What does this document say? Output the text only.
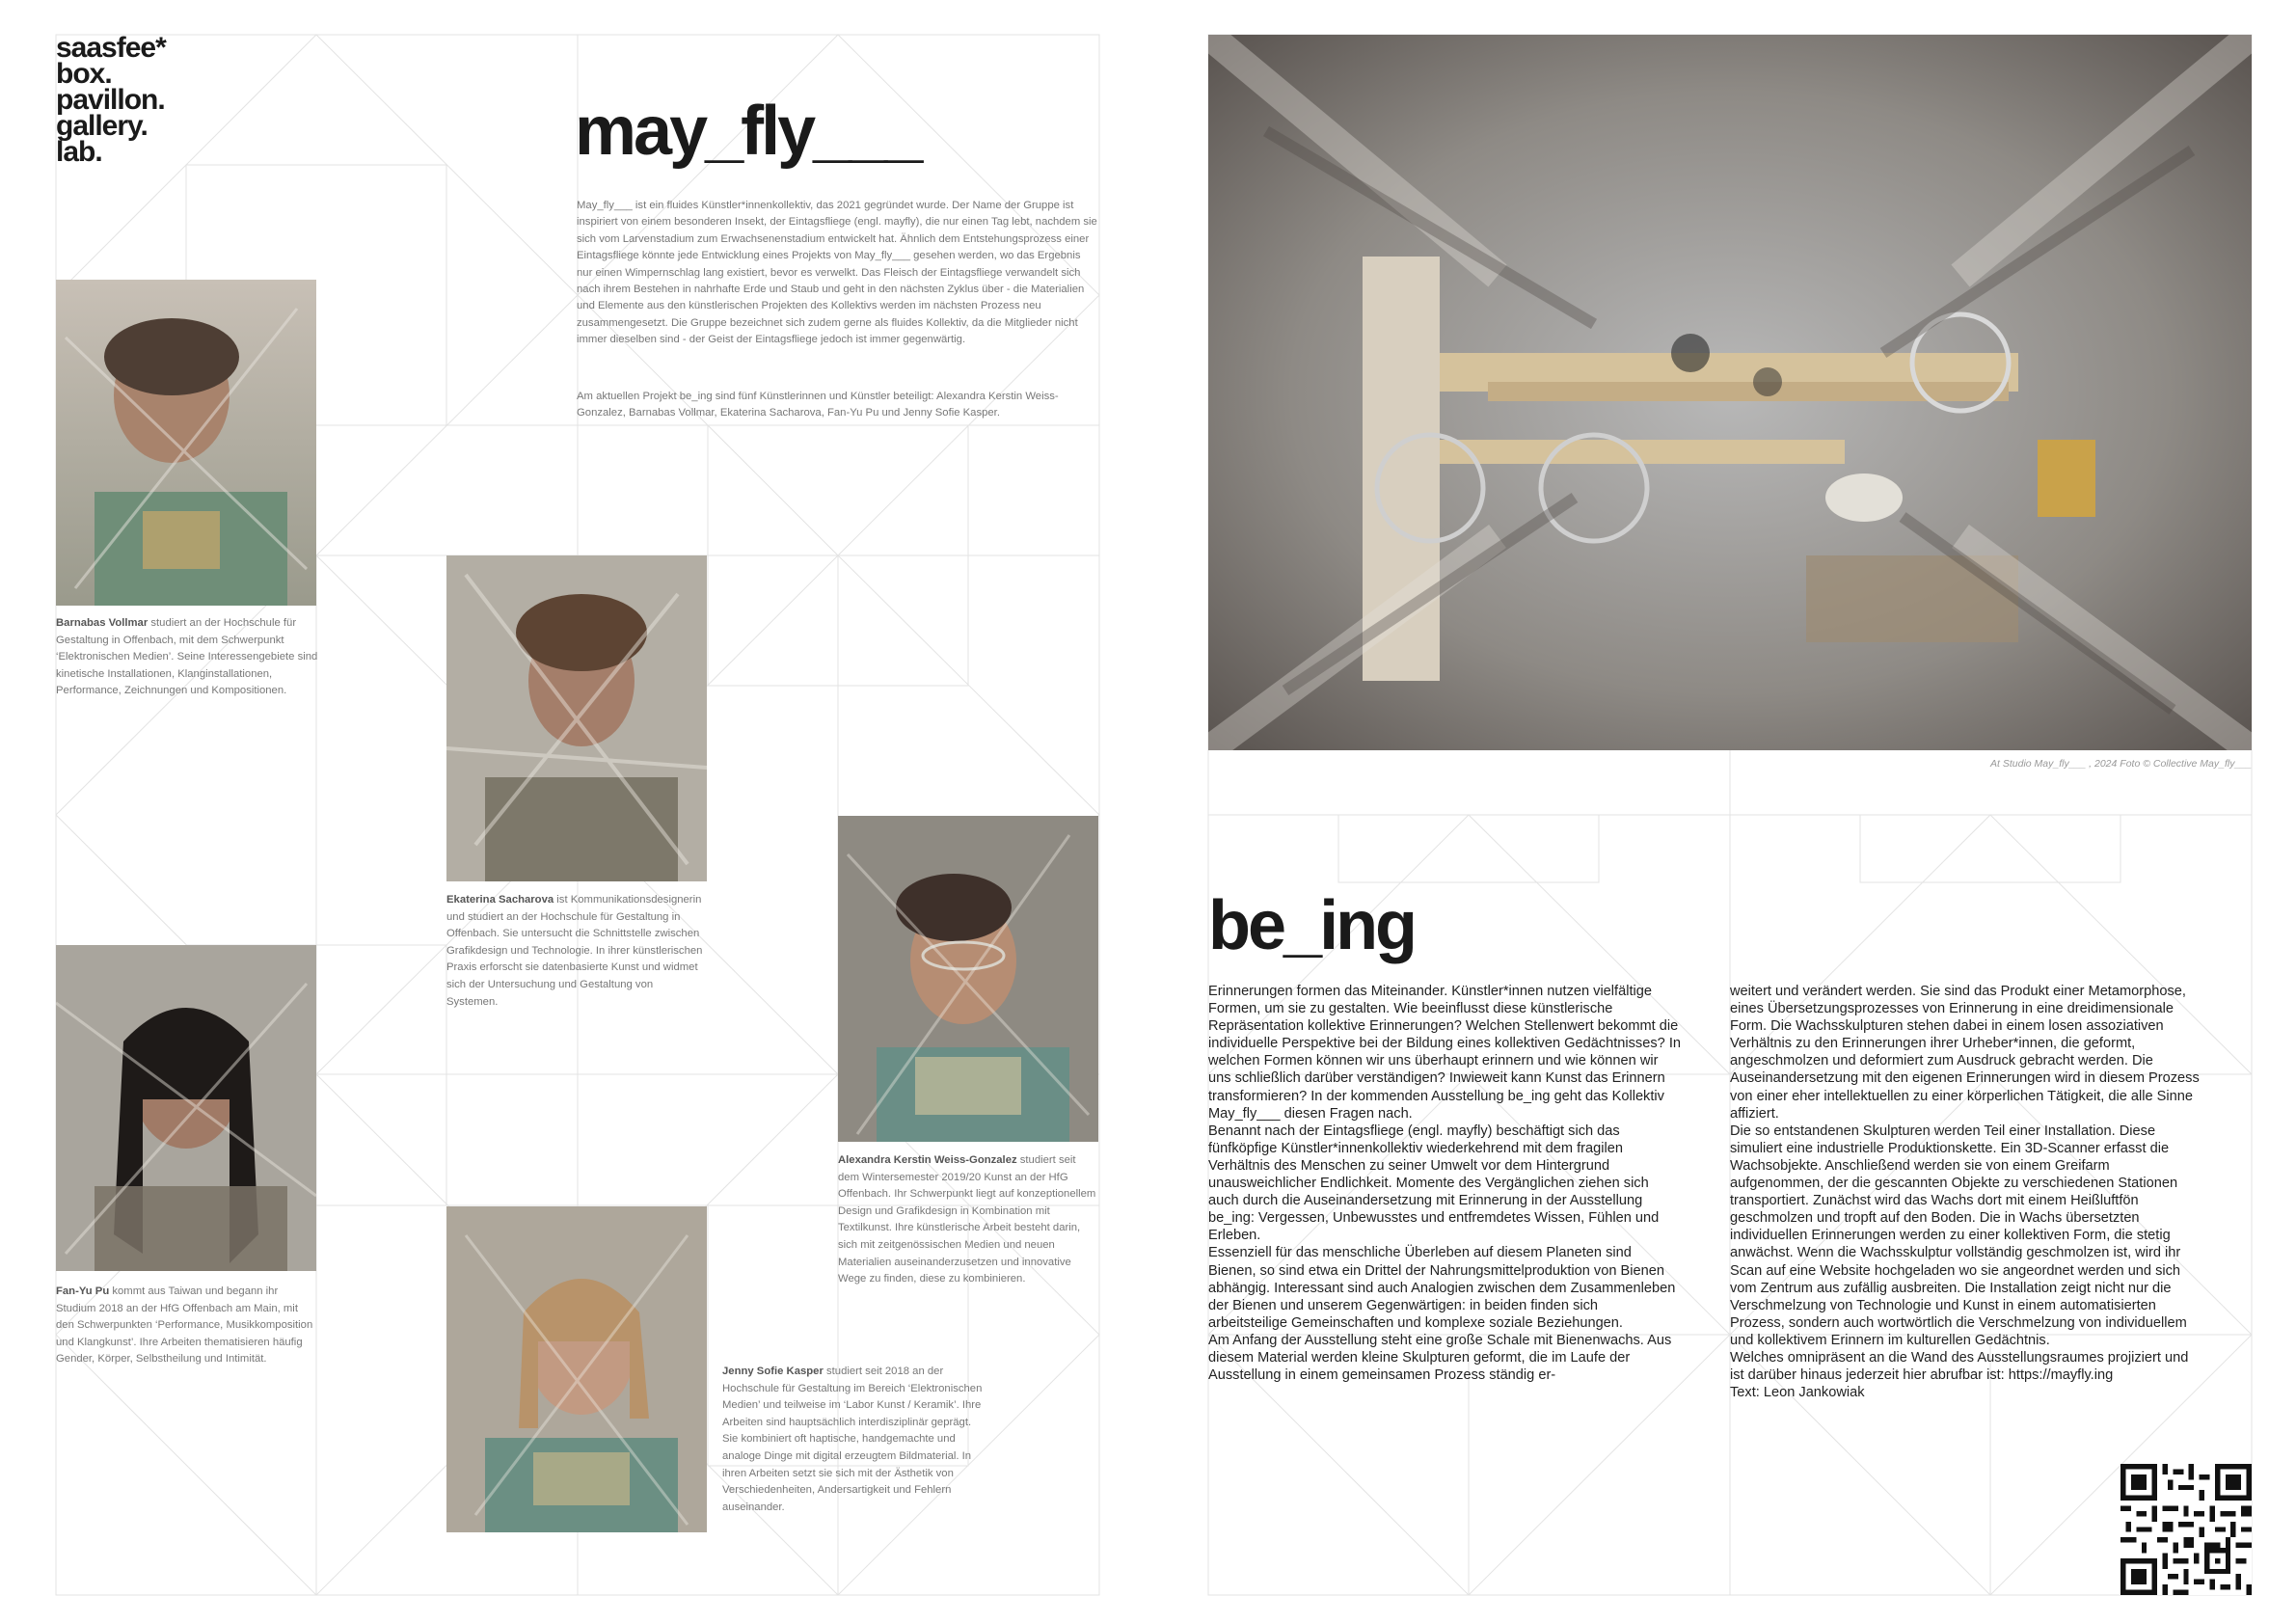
saasfee*
box.
pavillon.
gallery.
lab.	may_fly___
May_fly___ ist ein fluides Künstler*innenkollektiv, das 2021 gegründet wurde. Der Name der Gruppe ist inspiriert von einem besonderen Insekt, der Eintagsfliege (engl. mayfly), die nur einen Tag lebt, nachdem sie sich vom Larvenstadium zum Erwachsenenstadium entwickelt hat. Ähnlich dem Entstehungsprozess einer Eintagsfliege könnte jede Entwicklung eines Projekts von May_fly___ gesehen werden, wo das Ergebnis nur einen Wimpernschlag lang existiert, bevor es verwelkt. Das Fleisch der Eintagsfliege verwandelt sich nach ihrem Bestehen in nahrhafte Erde und Staub und geht in den nächsten Zyklus über - die Materialien und Elemente aus den künstlerischen Projekten des Kollektivs werden im nächsten Prozess neu zusammengesetzt. Die Gruppe bezeichnet sich zudem gerne als fluides Kollektiv, da die Mitglieder nicht immer dieselben sind - der Geist der Eintagsfliege jedoch ist immer gegenwärtig.
Am aktuellen Projekt be_ing sind fünf Künstlerinnen und Künstler beteiligt: Alexandra Kerstin Weiss-Gonzalez, Barnabas Vollmar, Ekaterina Sacharova, Fan-Yu Pu und Jenny Sofie Kasper.
Barnabas Vollmar studiert an der Hochschule für Gestaltung in Offenbach, mit dem Schwerpunkt ‘Elektronischen Medien’. Seine Interessengebiete sind kinetische Installationen, Klanginstallationen, Performance, Zeichnungen und Kompositionen.
Ekaterina Sacharova ist Kommunikationsdesignerin und studiert an der Hochschule für Gestaltung in Offenbach. Sie untersucht die Schnittstelle zwischen Grafikdesign und Technologie. In ihrer künstlerischen Praxis erforscht sie datenbasierte Kunst und widmet sich der Untersuchung und Gestaltung von Systemen.
Alexandra Kerstin Weiss-Gonzalez studiert seit dem Wintersemester 2019/20 Kunst an der HfG Offenbach. Ihr Schwerpunkt liegt auf konzeptionellem Design und Grafikdesign in Kombination mit Textilkunst. Ihre künstlerische Arbeit besteht darin, sich mit zeitgenössischen Medien und neuen Materialien auseinanderzusetzen und innovative Wege zu finden, diese zu kombinieren.
Fan-Yu Pu kommt aus Taiwan und begann ihr Studium 2018 an der HfG Offenbach am Main, mit den Schwerpunkten ‘Performance, Musikkomposition und Klangkunst’. Ihre Arbeiten thematisieren häufig Gender, Körper, Selbstheilung und Intimität.
Jenny Sofie Kasper studiert seit 2018 an der Hochschule für Gestaltung im Bereich ‘Elektronischen Medien’ und teilweise im ‘Labor Kunst / Keramik’. Ihre Arbeiten sind hauptsächlich interdisziplinär geprägt. Sie kombiniert oft haptische, handgemachte und analoge Dinge mit digital erzeugtem Bildmaterial. In ihren Arbeiten setzt sie sich mit der Ästhetik von Verschiedenheiten, Andersartigkeit und Fehlern auseinander.
At Studio May_fly___ , 2024 Foto © Collective May_fly___
be_ing

Erinnerungen formen das Miteinander. Künstler*innen nutzen vielfältige Formen, um sie zu gestalten. Wie beeinflusst diese künstlerische Repräsentation kollektive Erinnerungen? Welchen Stellenwert bekommt die individuelle Perspektive bei der Bildung eines kollektiven Gedächtnisses? In welchen Formen können wir uns überhaupt erinnern und wie können wir uns schließlich darüber verständigen? Inwieweit kann Kunst das Erinnern transformieren? In der kommenden Ausstellung be_ing geht das Kollektiv May_fly___ diesen Fragen nach.

Benannt nach der Eintagsfliege (engl. mayfly) beschäftigt sich das fünfköpfige Künstler*innenkollektiv wiederkehrend mit dem fragilen Verhältnis des Menschen zu seiner Umwelt vor dem Hintergrund unausweichlicher Endlichkeit. Momente des Vergänglichen ziehen sich auch durch die Auseinandersetzung mit Erinnerung in der Ausstellung be_ing: Vergessen, Unbewusstes und entfremdetes Wissen, Fühlen und Erleben.

Essenziell für das menschliche Überleben auf diesem Planeten sind Bienen, so sind etwa ein Drittel der Nahrungsmittelproduktion von Bienen abhängig. Interessant sind auch Analogien zwischen dem Zusammenleben der Bienen und unserem Gegenwärtigen: in beiden finden sich arbeitsteilige Gemeinschaften und komplexe soziale Beziehungen.

Am Anfang der Ausstellung steht eine große Schale mit Bienenwachs. Aus diesem Material werden kleine Skulpturen geformt, die im Laufe der Ausstellung in einem gemeinsamen Prozess ständig er-

weitert und verändert werden. Sie sind das Produkt einer Metamorphose, eines Übersetzungsprozesses von Erinnerung in eine dreidimensionale Form. Die Wachsskulpturen stehen dabei in einem losen assoziativen Verhältnis zu den Erinnerungen ihrer Urheber*innen, die geformt, angeschmolzen und deformiert zum Ausdruck gebracht werden. Die Auseinandersetzung mit den eigenen Erinnerungen wird in diesem Prozess von einer eher intellektuellen zu einer körperlichen Tätigkeit, die alle Sinne affiziert.

Die so entstandenen Skulpturen werden Teil einer Installation. Diese simuliert eine industrielle Produktionskette. Ein 3D-Scanner erfasst die Wachsobjekte. Anschließend werden sie von einem Greifarm aufgenommen, der die gescannten Objekte zu verschiedenen Stationen transportiert. Zunächst wird das Wachs dort mit einem Heißluftfön geschmolzen und tropft auf den Boden. Die in Wachs übersetzten individuellen Erinnerungen werden zu einer kollektiven Form, die stetig anwächst. Wenn die Wachsskulptur vollständig geschmolzen ist, wird ihr Scan auf eine Website hochgeladen wo sie angeordnet werden und sich vom Zentrum aus zufällig ausbreiten. Die Installation zeigt nicht nur die Verschmelzung von Technologie und Kunst in einem automatisierten Prozess, sondern auch wortwörtlich die Verschmelzung von individuellem und kollektivem Erinnern im kulturellen Gedächtnis.

Welches omnipräsent an die Wand des Ausstellungsraumes projiziert und ist darüber hinaus jederzeit hier abrufbar ist: https://mayfly.ing

Text: Leon Jankowiak
